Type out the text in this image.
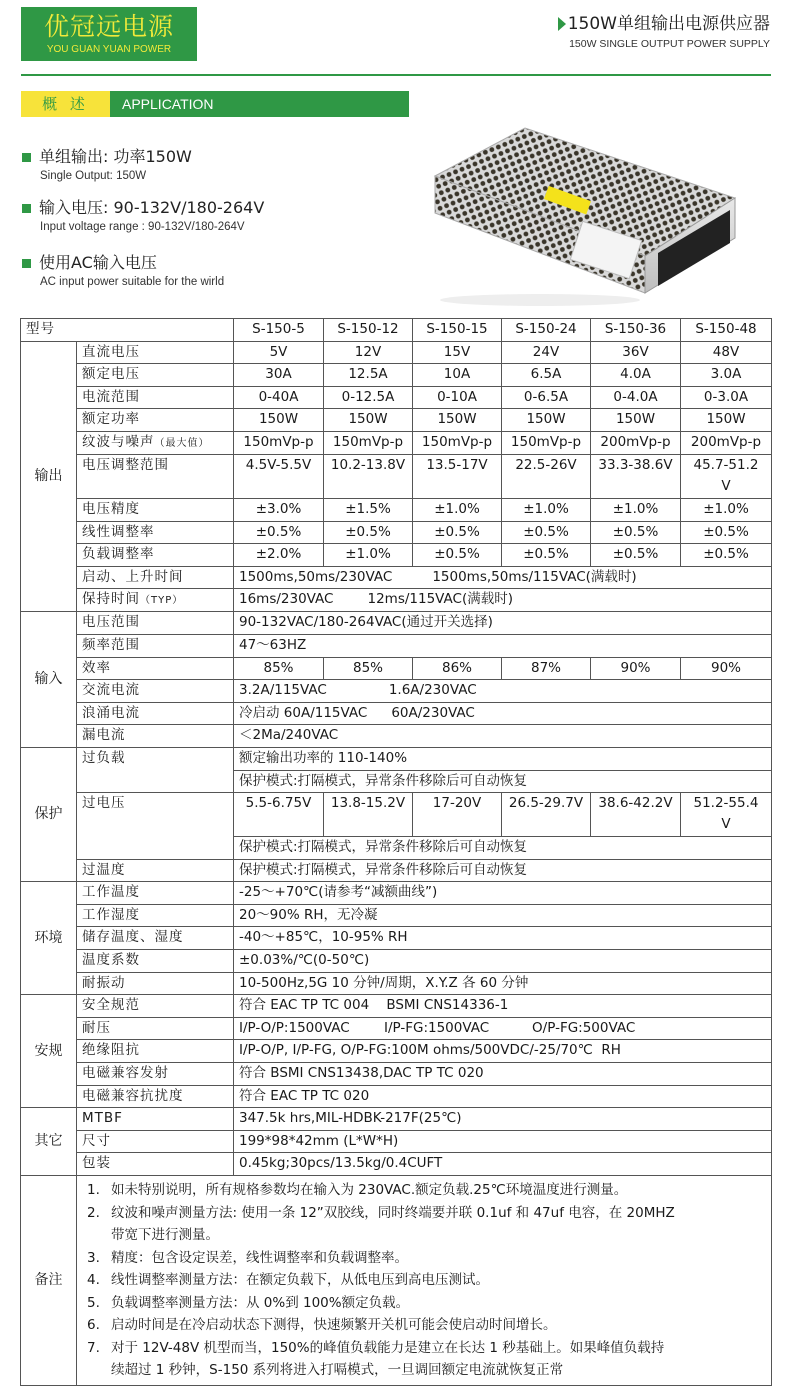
优冠远电源
YOU GUAN YUAN POWER
150W单组输出电源供应器
150W SINGLE OUTPUT POWER SUPPLY
概 述	APPLICATION
单组输出: 功率150W
Single Output: 150W
输入电压: 90-132V/180-264V
Input voltage range : 90-132V/180-264V
使用AC输入电压
AC input power suitable for the wirld
型号		S-150-5	S-150-12	S-150-15	S-150-24	S-150-36	S-150-48
输出	直流电压	5V	12V	15V	24V	36V	48V
	额定电压	30A	12.5A	10A	6.5A	4.0A	3.0A
	电流范围	0-40A	0-12.5A	0-10A	0-6.5A	0-4.0A	0-3.0A
	额定功率	150W	150W	150W	150W	150W	150W
	纹波与噪声（最大值）	150mVp-p	150mVp-p	150mVp-p	150mVp-p	200mVp-p	200mVp-p
	电压调整范围	4.5V-5.5V	10.2-13.8V	13.5-17V	22.5-26V	33.3-38.6V	45.7-51.2 V
	电压精度	±3.0%	±1.5%	±1.0%	±1.0%	±1.0%	±1.0%
	线性调整率	±0.5%	±0.5%	±0.5%	±0.5%	±0.5%	±0.5%
	负载调整率	±2.0%	±1.0%	±0.5%	±0.5%	±0.5%	±0.5%
	启动、上升时间	1500ms,50ms/230VAC 1500ms,50ms/115VAC(满载时)					
	保持时间（TYP）	16ms/230VAC 12ms/115VAC(满载时)					
输入	电压范围	90-132VAC/180-264VAC(通过开关选择)					
	频率范围	47～63HZ					
	效率	85%	85%	86%	87%	90%	90%
	交流电流	3.2A/115VAC 1.6A/230VAC					
	浪涌电流	冷启动 60A/115VAC 60A/230VAC					
	漏电流	＜2Ma/240VAC					
保护	过负载	额定输出功率的 110-140%					
		保护模式:打隔模式，异常条件移除后可自动恢复					
	过电压	5.5-6.75V	13.8-15.2V	17-20V	26.5-29.7V	38.6-42.2V	51.2-55.4 V
		保护模式:打隔模式，异常条件移除后可自动恢复					
	过温度	保护模式:打隔模式，异常条件移除后可自动恢复					
环境	工作温度	-25～+70℃(请参考“减额曲线”)					
	工作湿度	20～90% RH，无冷凝					
	储存温度、湿度	-40～+85℃，10-95% RH					
	温度系数	±0.03%/℃(0-50℃)					
	耐振动	10-500Hz,5G 10 分钟/周期，X.Y.Z 各 60 分钟					
安规	安全规范	符合 EAC TP TC 004    BSMI CNS14336-1					
	耐压	I/P-O/P:1500VAC        I/P-FG:1500VAC          O/P-FG:500VAC					
	绝缘阻抗	I/P-O/P, I/P-FG, O/P-FG:100M ohms/500VDC/-25/70℃  RH					
	电磁兼容发射	符合 BSMI CNS13438,DAC TP TC 020					
	电磁兼容抗扰度	符合 EAC TP TC 020					
其它	MTBF	347.5k hrs,MIL-HDBK-217F(25℃)					
	尺寸	199*98*42mm (L*W*H)					
	包装	0.45kg;30pcs/13.5kg/0.4CUFT					
备注	
1. 如未特别说明，所有规格参数均在输入为 230VAC.额定负载.25℃环境温度进行测量。
2. 纹波和噪声测量方法: 使用一条 12”双胶线，同时终端要并联 0.1uf 和 47uf 电容，在 20MHZ
带宽下进行测量。
3. 精度：包含设定误差，线性调整率和负载调整率。
4. 线性调整率测量方法：在额定负载下，从低电压到高电压测试。
5. 负载调整率测量方法：从 0%到 100%额定负载。
6. 启动时间是在冷启动状态下测得，快速频繁开关机可能会使启动时间增长。
7. 对于 12V-48V 机型而当，150%的峰值负载能力是建立在长达 1 秒基础上。如果峰值负载持
续超过 1 秒钟，S-150 系列将进入打嗝模式，一旦调回额定电流就恢复正常
